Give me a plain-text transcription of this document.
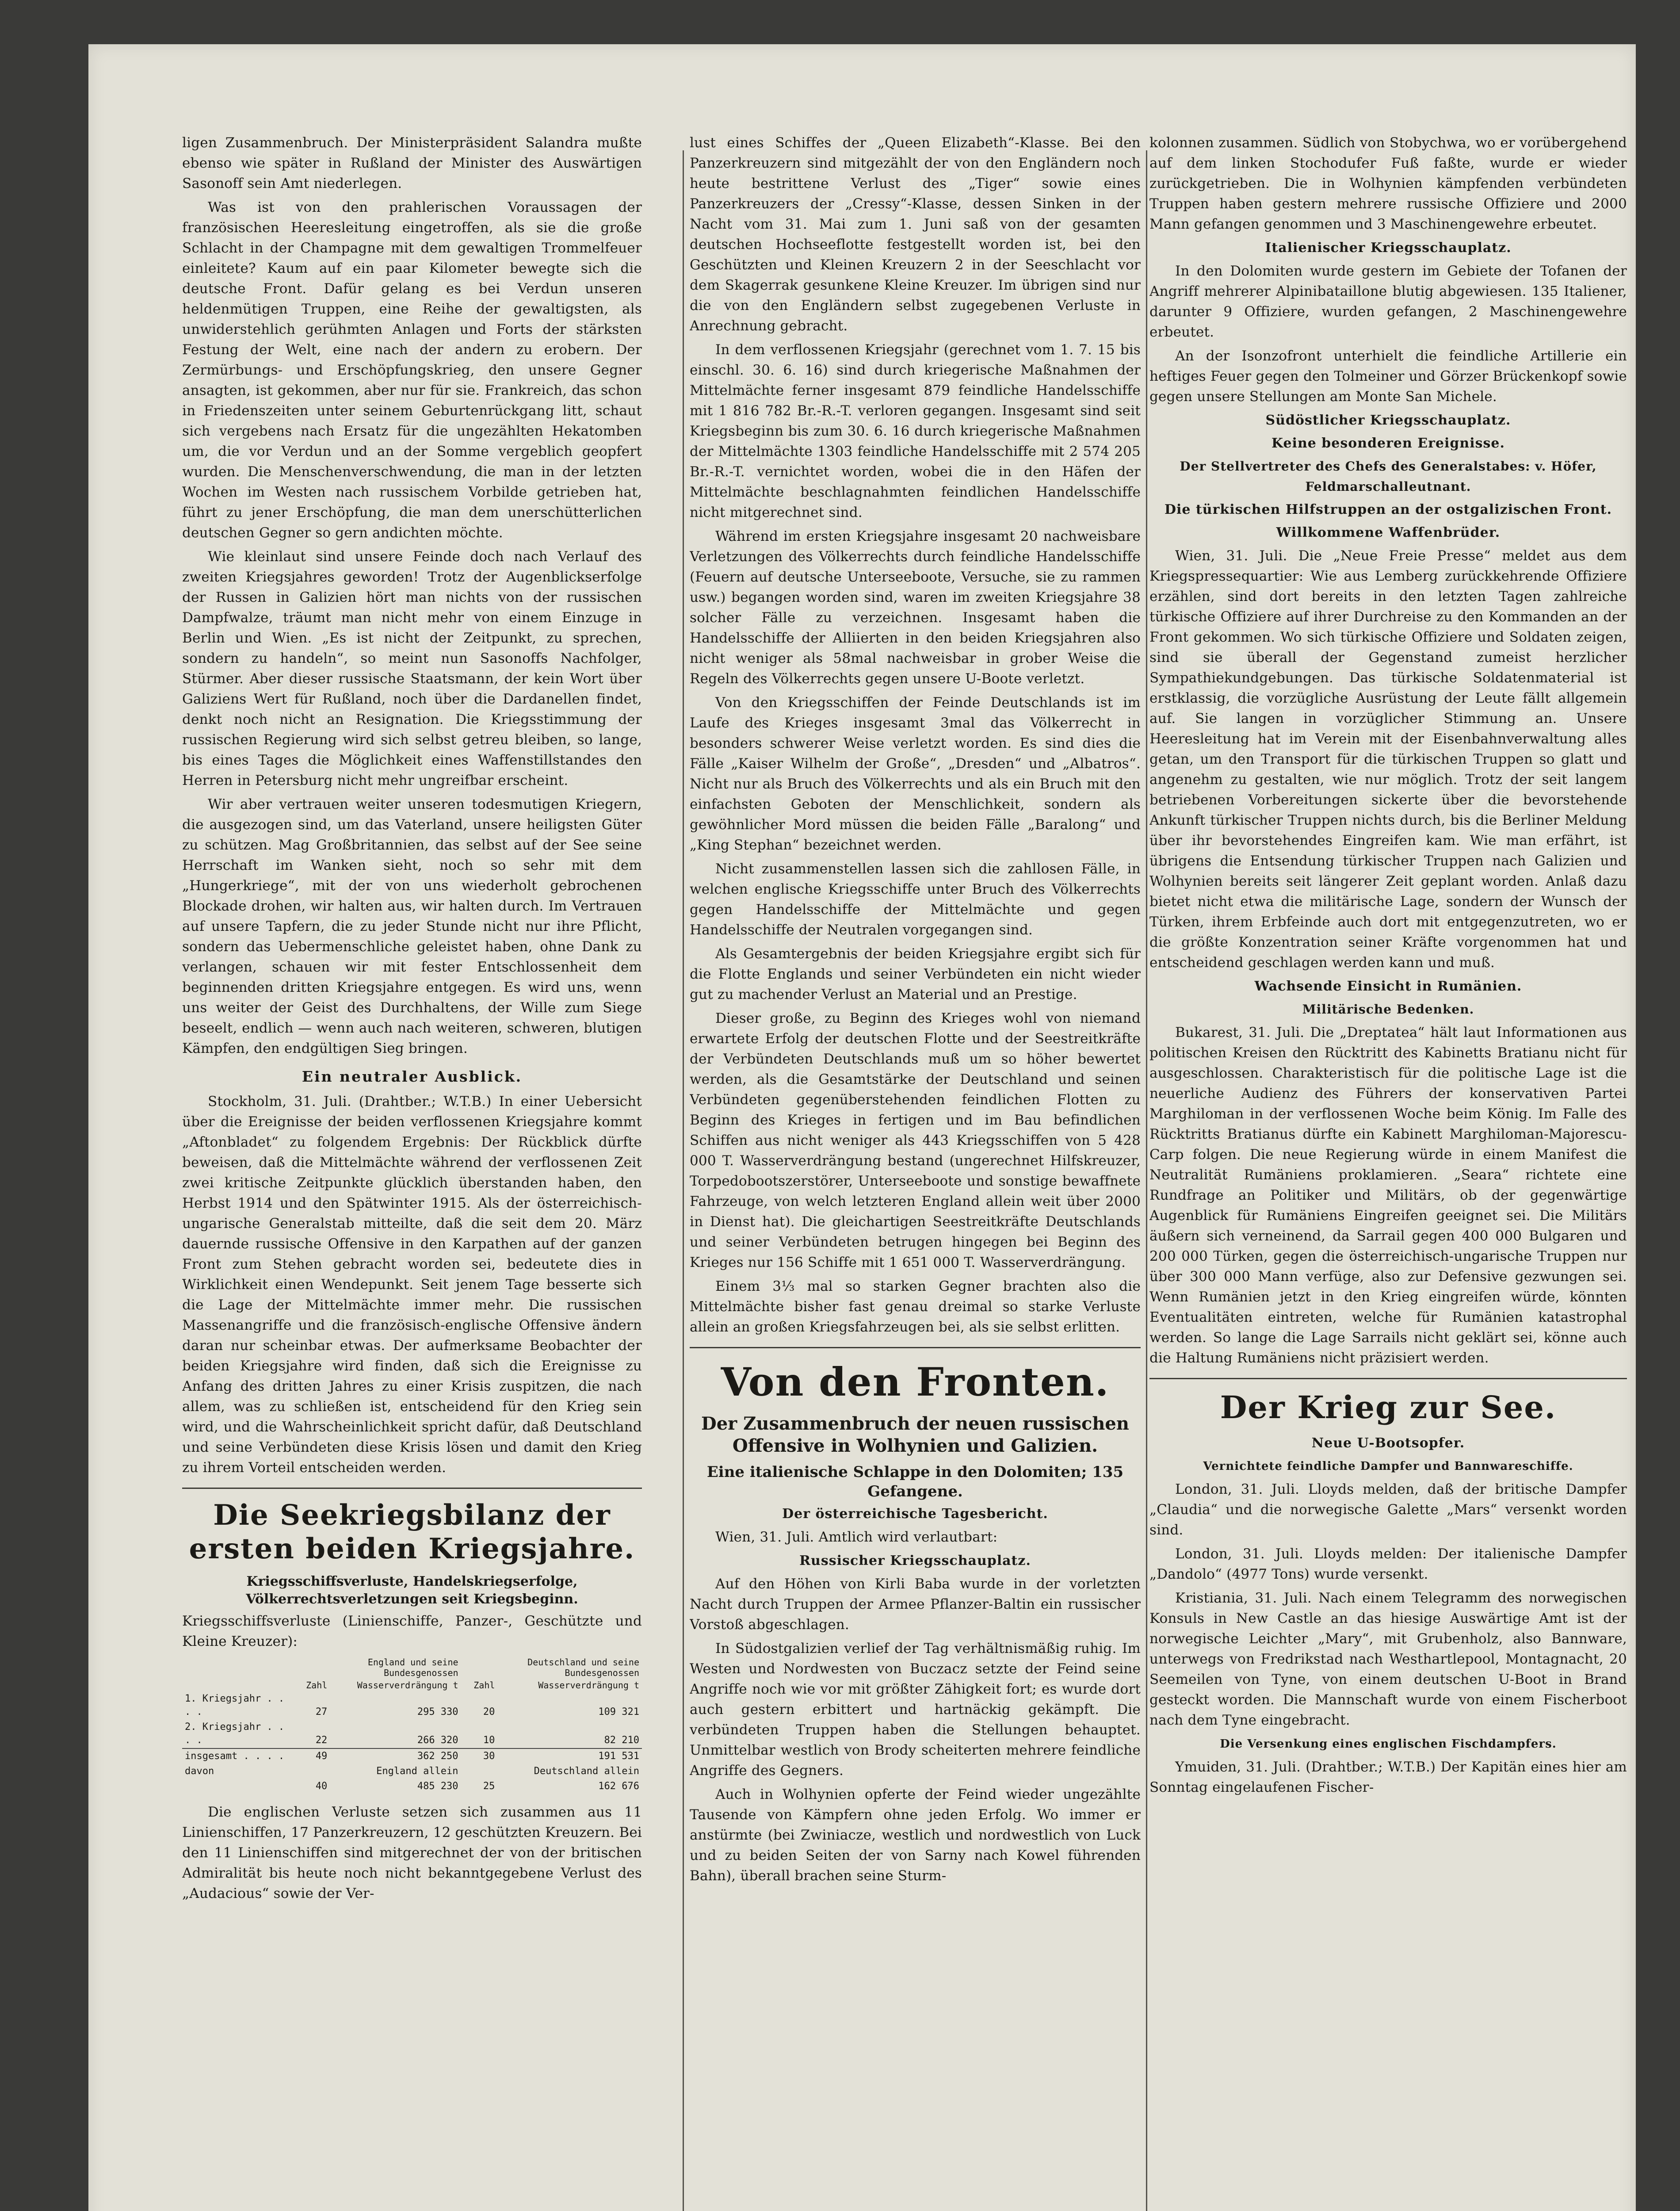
ligen Zusammenbruch. Der Ministerpräsident Salandra mußte ebenso wie später in Rußland der Minister des Auswärtigen Sasonoff sein Amt niederlegen.

Was ist von den prahlerischen Voraussagen der französischen Heeresleitung eingetroffen, als sie die große Schlacht in der Champagne mit dem gewaltigen Trommelfeuer einleitete? Kaum auf ein paar Kilometer bewegte sich die deutsche Front. Dafür gelang es bei Verdun unseren heldenmütigen Truppen, eine Reihe der gewaltigsten, als unwiderstehlich gerühmten Anlagen und Forts der stärksten Festung der Welt, eine nach der andern zu erobern. Der Zermürbungs- und Erschöpfungskrieg, den unsere Gegner ansagten, ist gekommen, aber nur für sie. Frankreich, das schon in Friedenszeiten unter seinem Geburtenrückgang litt, schaut sich vergebens nach Ersatz für die ungezählten Hekatomben um, die vor Verdun und an der Somme vergeblich geopfert wurden. Die Menschenverschwendung, die man in der letzten Wochen im Westen nach russischem Vorbilde getrieben hat, führt zu jener Erschöpfung, die man dem unerschütterlichen deutschen Gegner so gern andichten möchte.

Wie kleinlaut sind unsere Feinde doch nach Verlauf des zweiten Kriegsjahres geworden! Trotz der Augenblickserfolge der Russen in Galizien hört man nichts von der russischen Dampfwalze, träumt man nicht mehr von einem Einzuge in Berlin und Wien. „Es ist nicht der Zeitpunkt, zu sprechen, sondern zu handeln“, so meint nun Sasonoffs Nachfolger, Stürmer. Aber dieser russische Staatsmann, der kein Wort über Galiziens Wert für Rußland, noch über die Dardanellen findet, denkt noch nicht an Resignation. Die Kriegsstimmung der russischen Regierung wird sich selbst getreu bleiben, so lange, bis eines Tages die Möglichkeit eines Waffenstillstandes den Herren in Petersburg nicht mehr ungreifbar erscheint.

Wir aber vertrauen weiter unseren todesmutigen Kriegern, die ausgezogen sind, um das Vaterland, unsere heiligsten Güter zu schützen. Mag Großbritannien, das selbst auf der See seine Herrschaft im Wanken sieht, noch so sehr mit dem „Hungerkriege“, mit der von uns wiederholt gebrochenen Blockade drohen, wir halten aus, wir halten durch. Im Vertrauen auf unsere Tapfern, die zu jeder Stunde nicht nur ihre Pflicht, sondern das Uebermenschliche geleistet haben, ohne Dank zu verlangen, schauen wir mit fester Entschlossenheit dem beginnenden dritten Kriegsjahre entgegen. Es wird uns, wenn uns weiter der Geist des Durchhaltens, der Wille zum Siege beseelt, endlich — wenn auch nach weiteren, schweren, blutigen Kämpfen, den endgültigen Sieg bringen.

Ein neutraler Ausblick.

Stockholm, 31. Juli. (Drahtber.; W.T.B.) In einer Uebersicht über die Ereignisse der beiden verflossenen Kriegsjahre kommt „Aftonbladet“ zu folgendem Ergebnis: Der Rückblick dürfte beweisen, daß die Mittelmächte während der verflossenen Zeit zwei kritische Zeitpunkte glücklich überstanden haben, den Herbst 1914 und den Spätwinter 1915. Als der österreichisch-ungarische Generalstab mitteilte, daß die seit dem 20. März dauernde russische Offensive in den Karpathen auf der ganzen Front zum Stehen gebracht worden sei, bedeutete dies in Wirklichkeit einen Wendepunkt. Seit jenem Tage besserte sich die Lage der Mittelmächte immer mehr. Die russischen Massenangriffe und die französisch-englische Offensive ändern daran nur scheinbar etwas. Der aufmerksame Beobachter der beiden Kriegsjahre wird finden, daß sich die Ereignisse zu Anfang des dritten Jahres zu einer Krisis zuspitzen, die nach allem, was zu schließen ist, entscheidend für den Krieg sein wird, und die Wahrscheinlichkeit spricht dafür, daß Deutschland und seine Verbündeten diese Krisis lösen und damit den Krieg zu ihrem Vorteil entscheiden werden.

Die Seekriegsbilanz der ersten beiden Kriegsjahre.
Kriegsschiffsverluste, Handelskriegserfolge, Völkerrechtsverletzungen seit Kriegsbeginn.

Kriegsschiffsverluste (Linienschiffe, Panzer-, Geschützte und Kleine Kreuzer):

	England und seine Bundesgenossen		Deutschland und seine Bundesgenossen	
	Zahl	Wasserverdrängung t	Zahl	Wasserverdrängung t
1. Kriegsjahr . . . .	27	295 330	20	109 321
2. Kriegsjahr . . . .	22	266 320	10	82 210
insgesamt . . . .	49	362 250	30	191 531
davon	England allein		Deutschland allein	
	40	485 230	25	162 676

Die englischen Verluste setzen sich zusammen aus 11 Linienschiffen, 17 Panzerkreuzern, 12 geschützten Kreuzern. Bei den 11 Linienschiffen sind mitgerechnet der von der britischen Admiralität bis heute noch nicht bekanntgegebene Verlust des „Audacious“ sowie der Ver-

lust eines Schiffes der „Queen Elizabeth“-Klasse. Bei den Panzerkreuzern sind mitgezählt der von den Engländern noch heute bestrittene Verlust des „Tiger“ sowie eines Panzerkreuzers der „Cressy“-Klasse, dessen Sinken in der Nacht vom 31. Mai zum 1. Juni saß von der gesamten deutschen Hochseeflotte festgestellt worden ist, bei den Geschützten und Kleinen Kreuzern 2 in der Seeschlacht vor dem Skagerrak gesunkene Kleine Kreuzer. Im übrigen sind nur die von den Engländern selbst zugegebenen Verluste in Anrechnung gebracht.

In dem verflossenen Kriegsjahr (gerechnet vom 1. 7. 15 bis einschl. 30. 6. 16) sind durch kriegerische Maßnahmen der Mittelmächte ferner insgesamt 879 feindliche Handelsschiffe mit 1 816 782 Br.-R.-T. verloren gegangen. Insgesamt sind seit Kriegsbeginn bis zum 30. 6. 16 durch kriegerische Maßnahmen der Mittelmächte 1303 feindliche Handelsschiffe mit 2 574 205 Br.-R.-T. vernichtet worden, wobei die in den Häfen der Mittelmächte beschlagnahmten feindlichen Handelsschiffe nicht mitgerechnet sind.

Während im ersten Kriegsjahre insgesamt 20 nachweisbare Verletzungen des Völkerrechts durch feindliche Handelsschiffe (Feuern auf deutsche Unterseeboote, Versuche, sie zu rammen usw.) begangen worden sind, waren im zweiten Kriegsjahre 38 solcher Fälle zu verzeichnen. Insgesamt haben die Handelsschiffe der Alliierten in den beiden Kriegsjahren also nicht weniger als 58mal nachweisbar in grober Weise die Regeln des Völkerrechts gegen unsere U-Boote verletzt.

Von den Kriegsschiffen der Feinde Deutschlands ist im Laufe des Krieges insgesamt 3mal das Völkerrecht in besonders schwerer Weise verletzt worden. Es sind dies die Fälle „Kaiser Wilhelm der Große“, „Dresden“ und „Albatros“. Nicht nur als Bruch des Völkerrechts und als ein Bruch mit den einfachsten Geboten der Menschlichkeit, sondern als gewöhnlicher Mord müssen die beiden Fälle „Baralong“ und „King Stephan“ bezeichnet werden.

Nicht zusammenstellen lassen sich die zahllosen Fälle, in welchen englische Kriegsschiffe unter Bruch des Völkerrechts gegen Handelsschiffe der Mittelmächte und gegen Handelsschiffe der Neutralen vorgegangen sind.

Als Gesamtergebnis der beiden Kriegsjahre ergibt sich für die Flotte Englands und seiner Verbündeten ein nicht wieder gut zu machender Verlust an Material und an Prestige.

Dieser große, zu Beginn des Krieges wohl von niemand erwartete Erfolg der deutschen Flotte und der Seestreitkräfte der Verbündeten Deutschlands muß um so höher bewertet werden, als die Gesamtstärke der Deutschland und seinen Verbündeten gegenüberstehenden feindlichen Flotten zu Beginn des Krieges in fertigen und im Bau befindlichen Schiffen aus nicht weniger als 443 Kriegsschiffen von 5 428 000 T. Wasserverdrängung bestand (ungerechnet Hilfskreuzer, Torpedobootszerstörer, Unterseeboote und sonstige bewaffnete Fahrzeuge, von welch letzteren England allein weit über 2000 in Dienst hat). Die gleichartigen Seestreitkräfte Deutschlands und seiner Verbündeten betrugen hingegen bei Beginn des Krieges nur 156 Schiffe mit 1 651 000 T. Wasserverdrängung.

Einem 3⅓ mal so starken Gegner brachten also die Mittelmächte bisher fast genau dreimal so starke Verluste allein an großen Kriegsfahrzeugen bei, als sie selbst erlitten.

Von den Fronten.
Der Zusammenbruch der neuen russischen Offensive in Wolhynien und Galizien.
Eine italienische Schlappe in den Dolomiten; 135 Gefangene.
Der österreichische Tagesbericht.

Wien, 31. Juli. Amtlich wird verlautbart:

Russischer Kriegsschauplatz.

Auf den Höhen von Kirli Baba wurde in der vorletzten Nacht durch Truppen der Armee Pflanzer-Baltin ein russischer Vorstoß abgeschlagen.

In Südostgalizien verlief der Tag verhältnismäßig ruhig. Im Westen und Nordwesten von Buczacz setzte der Feind seine Angriffe noch wie vor mit größter Zähigkeit fort; es wurde dort auch gestern erbittert und hartnäckig gekämpft. Die verbündeten Truppen haben die Stellungen behauptet. Unmittelbar westlich von Brody scheiterten mehrere feindliche Angriffe des Gegners.

Auch in Wolhynien opferte der Feind wieder ungezählte Tausende von Kämpfern ohne jeden Erfolg. Wo immer er anstürmte (bei Zwiniacze, westlich und nordwestlich von Luck und zu beiden Seiten der von Sarny nach Kowel führenden Bahn), überall brachen seine Sturm-

kolonnen zusammen. Südlich von Stobychwa, wo er vorübergehend auf dem linken Stochodufer Fuß faßte, wurde er wieder zurückgetrieben. Die in Wolhynien kämpfenden verbündeten Truppen haben gestern mehrere russische Offiziere und 2000 Mann gefangen genommen und 3 Maschinengewehre erbeutet.

Italienischer Kriegsschauplatz.

In den Dolomiten wurde gestern im Gebiete der Tofanen der Angriff mehrerer Alpinibataillone blutig abgewiesen. 135 Italiener, darunter 9 Offiziere, wurden gefangen, 2 Maschinengewehre erbeutet.

An der Isonzofront unterhielt die feindliche Artillerie ein heftiges Feuer gegen den Tolmeiner und Görzer Brückenkopf sowie gegen unsere Stellungen am Monte San Michele.

Südöstlicher Kriegsschauplatz.
Keine besonderen Ereignisse.
Der Stellvertreter des Chefs des Generalstabes: v. Höfer, Feldmarschalleutnant.
Die türkischen Hilfstruppen an der ostgalizischen Front.
Willkommene Waffenbrüder.

Wien, 31. Juli. Die „Neue Freie Presse“ meldet aus dem Kriegspressequartier: Wie aus Lemberg zurückkehrende Offiziere erzählen, sind dort bereits in den letzten Tagen zahlreiche türkische Offiziere auf ihrer Durchreise zu den Kommanden an der Front gekommen. Wo sich türkische Offiziere und Soldaten zeigen, sind sie überall der Gegenstand zumeist herzlicher Sympathiekundgebungen. Das türkische Soldatenmaterial ist erstklassig, die vorzügliche Ausrüstung der Leute fällt allgemein auf. Sie langen in vorzüglicher Stimmung an. Unsere Heeresleitung hat im Verein mit der Eisenbahnverwaltung alles getan, um den Transport für die türkischen Truppen so glatt und angenehm zu gestalten, wie nur möglich. Trotz der seit langem betriebenen Vorbereitungen sickerte über die bevorstehende Ankunft türkischer Truppen nichts durch, bis die Berliner Meldung über ihr bevorstehendes Eingreifen kam. Wie man erfährt, ist übrigens die Entsendung türkischer Truppen nach Galizien und Wolhynien bereits seit längerer Zeit geplant worden. Anlaß dazu bietet nicht etwa die militärische Lage, sondern der Wunsch der Türken, ihrem Erbfeinde auch dort mit entgegenzutreten, wo er die größte Konzentration seiner Kräfte vorgenommen hat und entscheidend geschlagen werden kann und muß.

Wachsende Einsicht in Rumänien.
Militärische Bedenken.

Bukarest, 31. Juli. Die „Dreptatea“ hält laut Informationen aus politischen Kreisen den Rücktritt des Kabinetts Bratianu nicht für ausgeschlossen. Charakteristisch für die politische Lage ist die neuerliche Audienz des Führers der konservativen Partei Marghiloman in der verflossenen Woche beim König. Im Falle des Rücktritts Bratianus dürfte ein Kabinett Marghiloman-Majorescu-Carp folgen. Die neue Regierung würde in einem Manifest die Neutralität Rumäniens proklamieren. „Seara“ richtete eine Rundfrage an Politiker und Militärs, ob der gegenwärtige Augenblick für Rumäniens Eingreifen geeignet sei. Die Militärs äußern sich verneinend, da Sarrail gegen 400 000 Bulgaren und 200 000 Türken, gegen die österreichisch-ungarische Truppen nur über 300 000 Mann verfüge, also zur Defensive gezwungen sei. Wenn Rumänien jetzt in den Krieg eingreifen würde, könnten Eventualitäten eintreten, welche für Rumänien katastrophal werden. So lange die Lage Sarrails nicht geklärt sei, könne auch die Haltung Rumäniens nicht präzisiert werden.

Der Krieg zur See.
Neue U-Bootsopfer.
Vernichtete feindliche Dampfer und Bannwareschiffe.

London, 31. Juli. Lloyds melden, daß der britische Dampfer „Claudia“ und die norwegische Galette „Mars“ versenkt worden sind.

London, 31. Juli. Lloyds melden: Der italienische Dampfer „Dandolo“ (4977 Tons) wurde versenkt.

Kristiania, 31. Juli. Nach einem Telegramm des norwegischen Konsuls in New Castle an das hiesige Auswärtige Amt ist der norwegische Leichter „Mary“, mit Grubenholz, also Bannware, unterwegs von Fredrikstad nach Westhartlepool, Montagnacht, 20 Seemeilen von Tyne, von einem deutschen U-Boot in Brand gesteckt worden. Die Mannschaft wurde von einem Fischerboot nach dem Tyne eingebracht.

Die Versenkung eines englischen Fischdampfers.

Ymuiden, 31. Juli. (Drahtber.; W.T.B.) Der Kapitän eines hier am Sonntag eingelaufenen Fischer-
